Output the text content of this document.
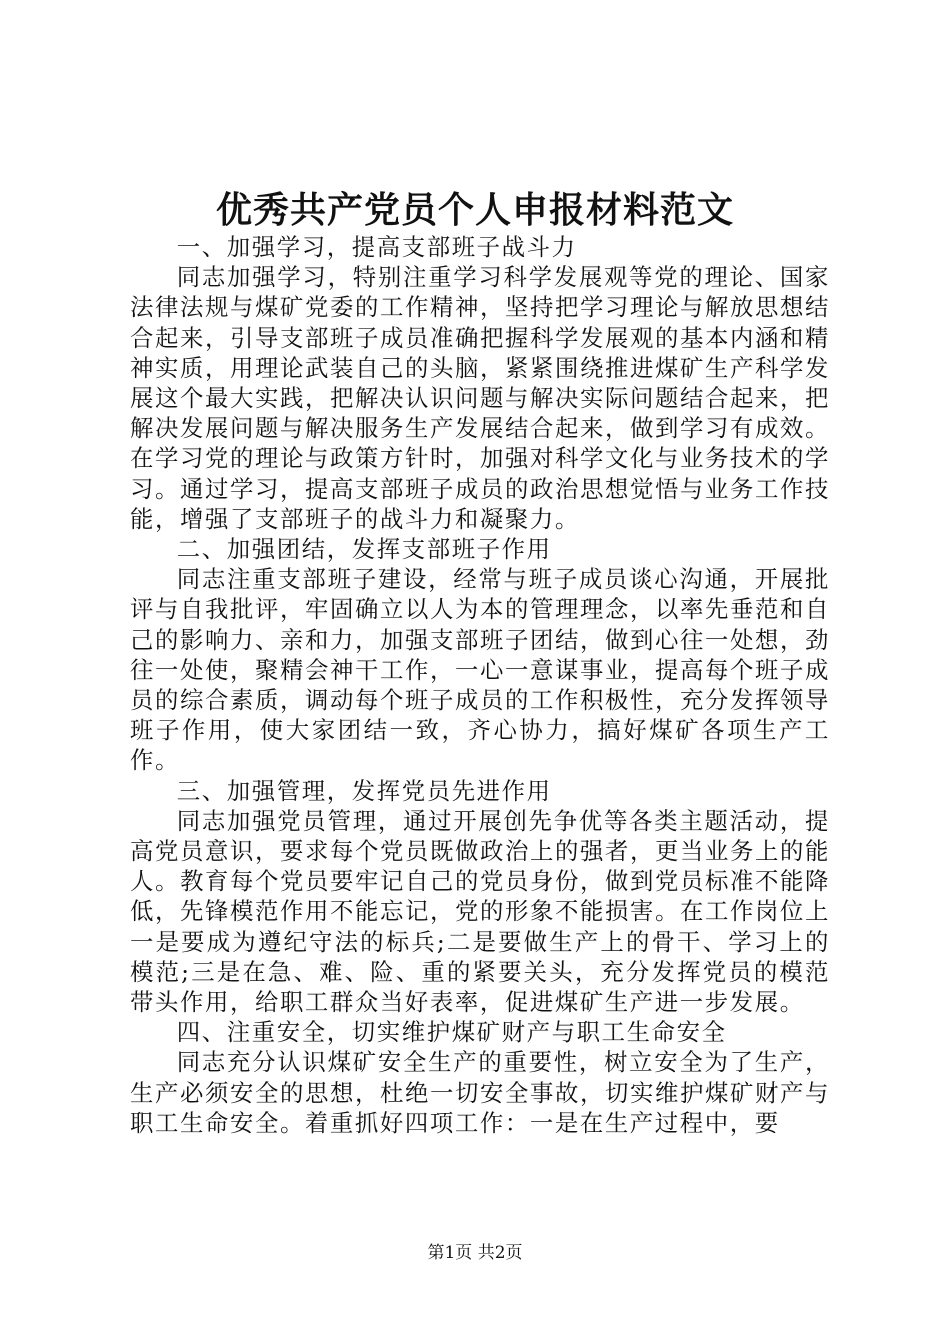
优秀共产党员个人申报材料范文

一、加强学习，提高支部班子战斗力

同志加强学习，特别注重学习科学发展观等党的理论、国家法律法规与煤矿党委的工作精神，坚持把学习理论与解放思想结合起来，引导支部班子成员准确把握科学发展观的基本内涵和精神实质，用理论武装自己的头脑，紧紧围绕推进煤矿生产科学发展这个最大实践，把解决认识问题与解决实际问题结合起来，把解决发展问题与解决服务生产发展结合起来，做到学习有成效。在学习党的理论与政策方针时，加强对科学文化与业务技术的学习。通过学习，提高支部班子成员的政治思想觉悟与业务工作技能，增强了支部班子的战斗力和凝聚力。

二、加强团结，发挥支部班子作用

同志注重支部班子建设，经常与班子成员谈心沟通，开展批评与自我批评，牢固确立以人为本的管理理念，以率先垂范和自己的影响力、亲和力，加强支部班子团结，做到心往一处想，劲往一处使，聚精会神干工作，一心一意谋事业，提高每个班子成员的综合素质，调动每个班子成员的工作积极性，充分发挥领导班子作用，使大家团结一致，齐心协力，搞好煤矿各项生产工作。

三、加强管理，发挥党员先进作用

同志加强党员管理，通过开展创先争优等各类主题活动，提高党员意识，要求每个党员既做政治上的强者，更当业务上的能人。教育每个党员要牢记自己的党员身份，做到党员标准不能降低，先锋模范作用不能忘记，党的形象不能损害。在工作岗位上一是要成为遵纪守法的标兵;二是要做生产上的骨干、学习上的模范;三是在急、难、险、重的紧要关头，充分发挥党员的模范带头作用，给职工群众当好表率，促进煤矿生产进一步发展。

四、注重安全，切实维护煤矿财产与职工生命安全

同志充分认识煤矿安全生产的重要性，树立安全为了生产，生产必须安全的思想，杜绝一切安全事故，切实维护煤矿财产与职工生命安全。着重抓好四项工作：一是在生产过程中，要

第1页 共2页
